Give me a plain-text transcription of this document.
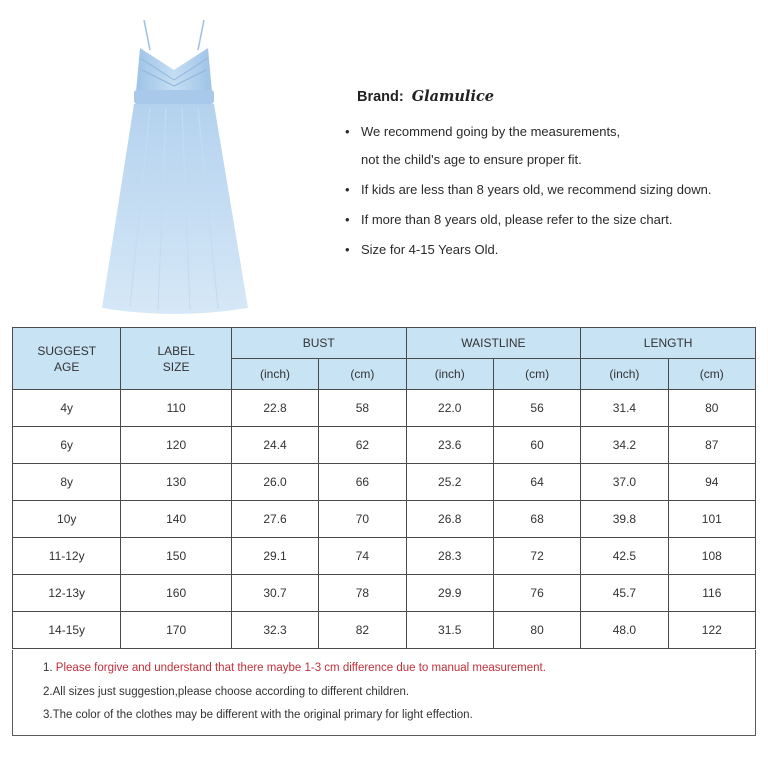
Brand: Glamulice
• We recommend going by the measurements,
not the child's age to ensure proper fit.
• If kids are less than 8 years old, we recommend sizing down.
• If more than 8 years old, please refer to the size chart.
• Size for 4-15 Years Old.
SUGGEST AGE	LABEL SIZE	BUST		WAISTLINE		LENGTH	
		(inch)	(cm)	(inch)	(cm)	(inch)	(cm)
4y	110	22.8	58	22.0	56	31.4	80
6y	120	24.4	62	23.6	60	34.2	87
8y	130	26.0	66	25.2	64	37.0	94
10y	140	27.6	70	26.8	68	39.8	101
11-12y	150	29.1	74	28.3	72	42.5	108
12-13y	160	30.7	78	29.9	76	45.7	116
14-15y	170	32.3	82	31.5	80	48.0	122
1. Please forgive and understand that there maybe 1-3 cm difference due to manual measurement.
2.All sizes just suggestion,please choose according to different children.
3.The color of the clothes may be different with the original primary for light effection.
